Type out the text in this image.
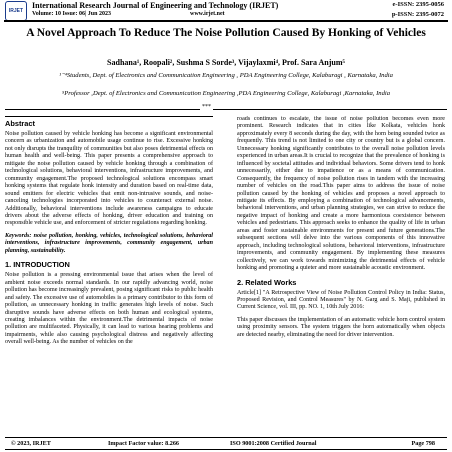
IRJET
International Research Journal of Engineering and Technology (IRJET)
Volume: 10 Issue: 06| Jun 2023	www.irjet.net
e-ISSN: 2395-0056
p-ISSN: 2395-0072
A Novel Approach To Reduce The Noise Pollution Caused By Honking of Vehicles
Sadhana¹, Roopali², Sushma S Sorde³, Vijaylaxmi⁴, Prof. Sara Anjum⁵
¹⁻⁴Students, Dept. of Electronics and Communication Engineering , PDA Engineering College, Kalaburagi , Karnataka, India
⁵Professor ,Dept. of Electronics and Communication Engineering ,PDA Engineering College, Kalaburagi ,Karnataka, India
***
Abstract

Noise pollution caused by vehicle honking has become a significant environmental concern as urbanization and automobile usage continue to rise. Excessive honking not only disrupts the tranquility of communities but also poses detrimental effects on human health and well-being. This paper presents a comprehensive approach to mitigate the noise pollution caused by vehicle honking through a combination of technological solutions, behavioral interventions, infrastructure improvements, and community engagement.The proposed technological solutions encompass smart honking systems that regulate honk intensity and duration based on real-time data, sound emitters for electric vehicles that emit non-intrusive sounds, and noise-canceling technologies incorporated into vehicles to counteract external noise. Additionally, behavioral interventions include awareness campaigns to educate drivers about the adverse effects of honking, driver education and training on responsible vehicle use, and enforcement of stricter regulations regarding honking.

Keywords: noise pollution, honking, vehicles, technological solutions, behavioral interventions, infrastructure improvements, community engagement, urban planning, sustainability.

1. INTRODUCTION

Noise pollution is a pressing environmental issue that arises when the level of ambient noise exceeds normal standards. In our rapidly advancing world, noise pollution has become increasingly prevalent, posing significant risks to public health and safety. The excessive use of automobiles is a primary contributor to this form of pollution, as unnecessary honking in traffic generates high levels of noise. Such disruptive sounds have adverse effects on both human and ecological systems, creating imbalances within the environment.The detrimental impacts of noise pollution are multifaceted. Physically, it can lead to various hearing problems and impairments, while also causing psychological distress and negatively affecting overall well-being. As the number of vehicles on the

roads continues to escalate, the issue of noise pollution becomes even more prominent. Research indicates that in cities like Kolkata, vehicles honk approximately every 8 seconds during the day, with the horn being sounded twice as frequently. This trend is not limited to one city or country but is a global concern. Unnecessary honking significantly contributes to the overall noise pollution levels experienced in urban areas.It is crucial to recognize that the prevalence of honking is influenced by societal attitudes and individual behaviors. Some drivers tend to honk unnecessarily, either due to impatience or as a means of communication. Consequently, the frequency of noise pollution rises in tandem with the increasing number of vehicles on the road.This paper aims to address the issue of noise pollution caused by the honking of vehicles and proposes a novel approach to mitigate its effects. By employing a combination of technological advancements, behavioral interventions, and urban planning strategies, we can strive to reduce the negative impact of honking and create a more harmonious coexistence between vehicles and pedestrians. This approach seeks to enhance the quality of life in urban areas and foster sustainable environments for present and future generations.The subsequent sections will delve into the various components of this innovative approach, including technological solutions, behavioral interventions, infrastructure improvements, and community engagement. By implementing these measures collectively, we can work towards minimizing the detrimental effects of vehicle honking and promoting a quieter and more sustainable acoustic environment.

2. Related Works

Article[1] "A Retrospective View of Noise Pollution Control Policy in India: Status, Proposed Revision, and Control Measures" by N. Garg and S. Maji, published in Current Science, vol. III, pp. NO. 1, 10th July 2016:

This paper discusses the implementation of an automatic vehicle horn control system using proximity sensors. The system triggers the horn automatically when objects are detected nearby, eliminating the need for driver intervention.

© 2023, IRJET	Impact Factor value: 8.266	ISO 9001:2008 Certified Journal	Page 798
